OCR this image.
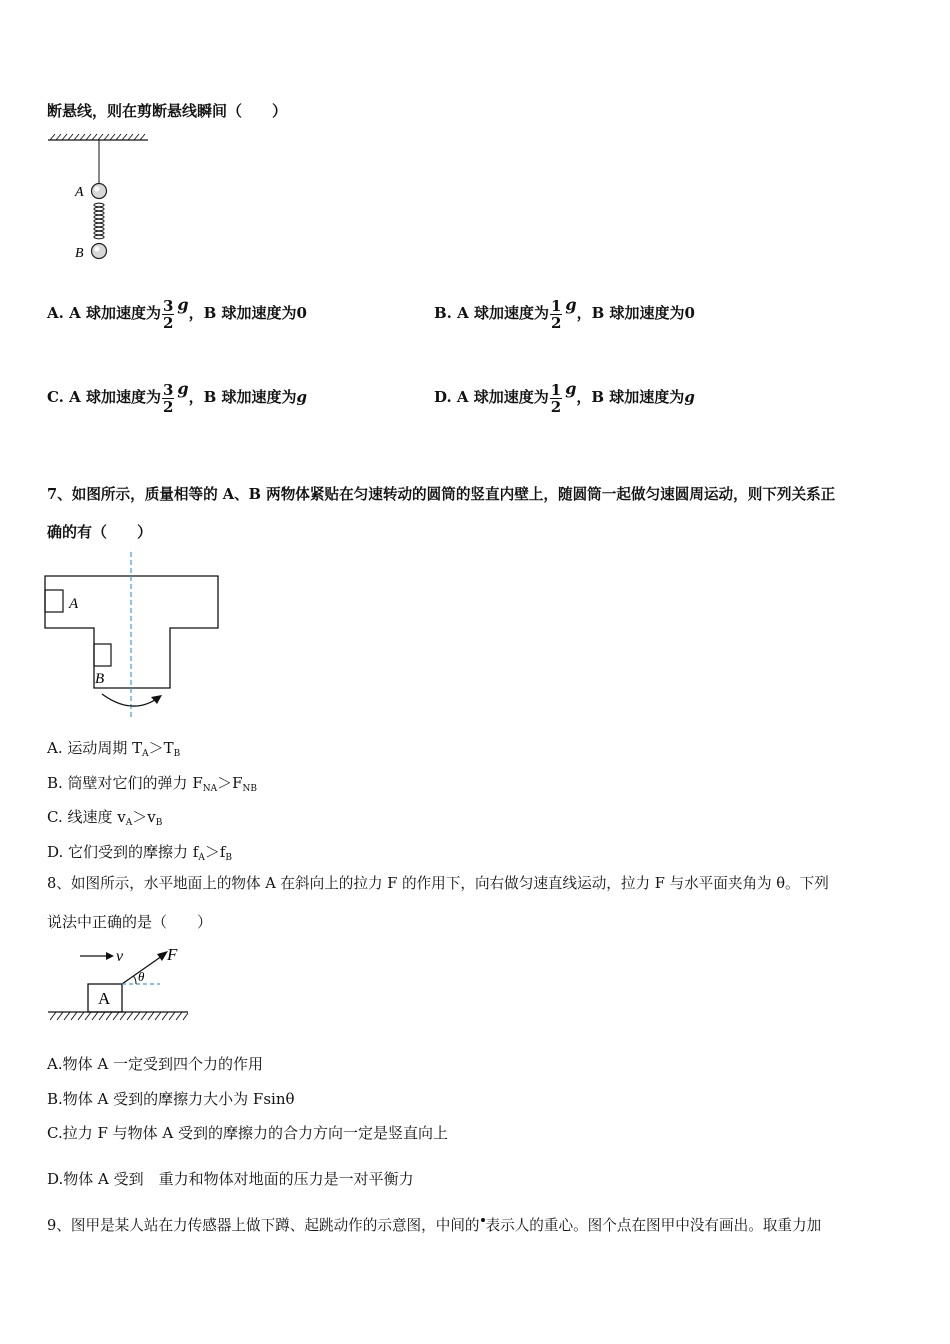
断悬线，则在剪断悬线瞬间（　　）
A
B
A. A 球加速度为 $\frac{3}{2}$ g，B 球加速度为0	B. A 球加速度为 $\frac{1}{2}$ g，B 球加速度为0
C. A 球加速度为 $\frac{3}{2}$ g，B 球加速度为g	D. A 球加速度为 $\frac{1}{2}$ g，B 球加速度为g
7、如图所示，质量相等的 A、B 两物体紧贴在匀速转动的圆筒的竖直内壁上，随圆筒一起做匀速圆周运动，则下列关系正
确的有（　　）
A
B
A. 运动周期 $T_A>T_B$
B. 筒壁对它们的弹力 $F_{NA}>F_{NB}$
C. 线速度 $v_A>v_B$
D. 它们受到的摩擦力 $f_A>f_B$
8、如图所示，水平地面上的物体 A 在斜向上的拉力 F 的作用下，向右做匀速直线运动，拉力 F 与水平面夹角为 θ。下列
说法中正确的是（　　）
v
A
F
θ
A.物体 A 一定受到四个力的作用
B.物体 A 受到的摩擦力大小为 Fsinθ
C.拉力 F 与物体 A 受到的摩擦力的合力方向一定是竖直向上
D.物体 A 受到　重力和物体对地面的压力是一对平衡力
9、图甲是某人站在力传感器上做下蹲、起跳动作的示意图，中间的 表示人的重心。图个点在图甲中没有画出。取重力加
